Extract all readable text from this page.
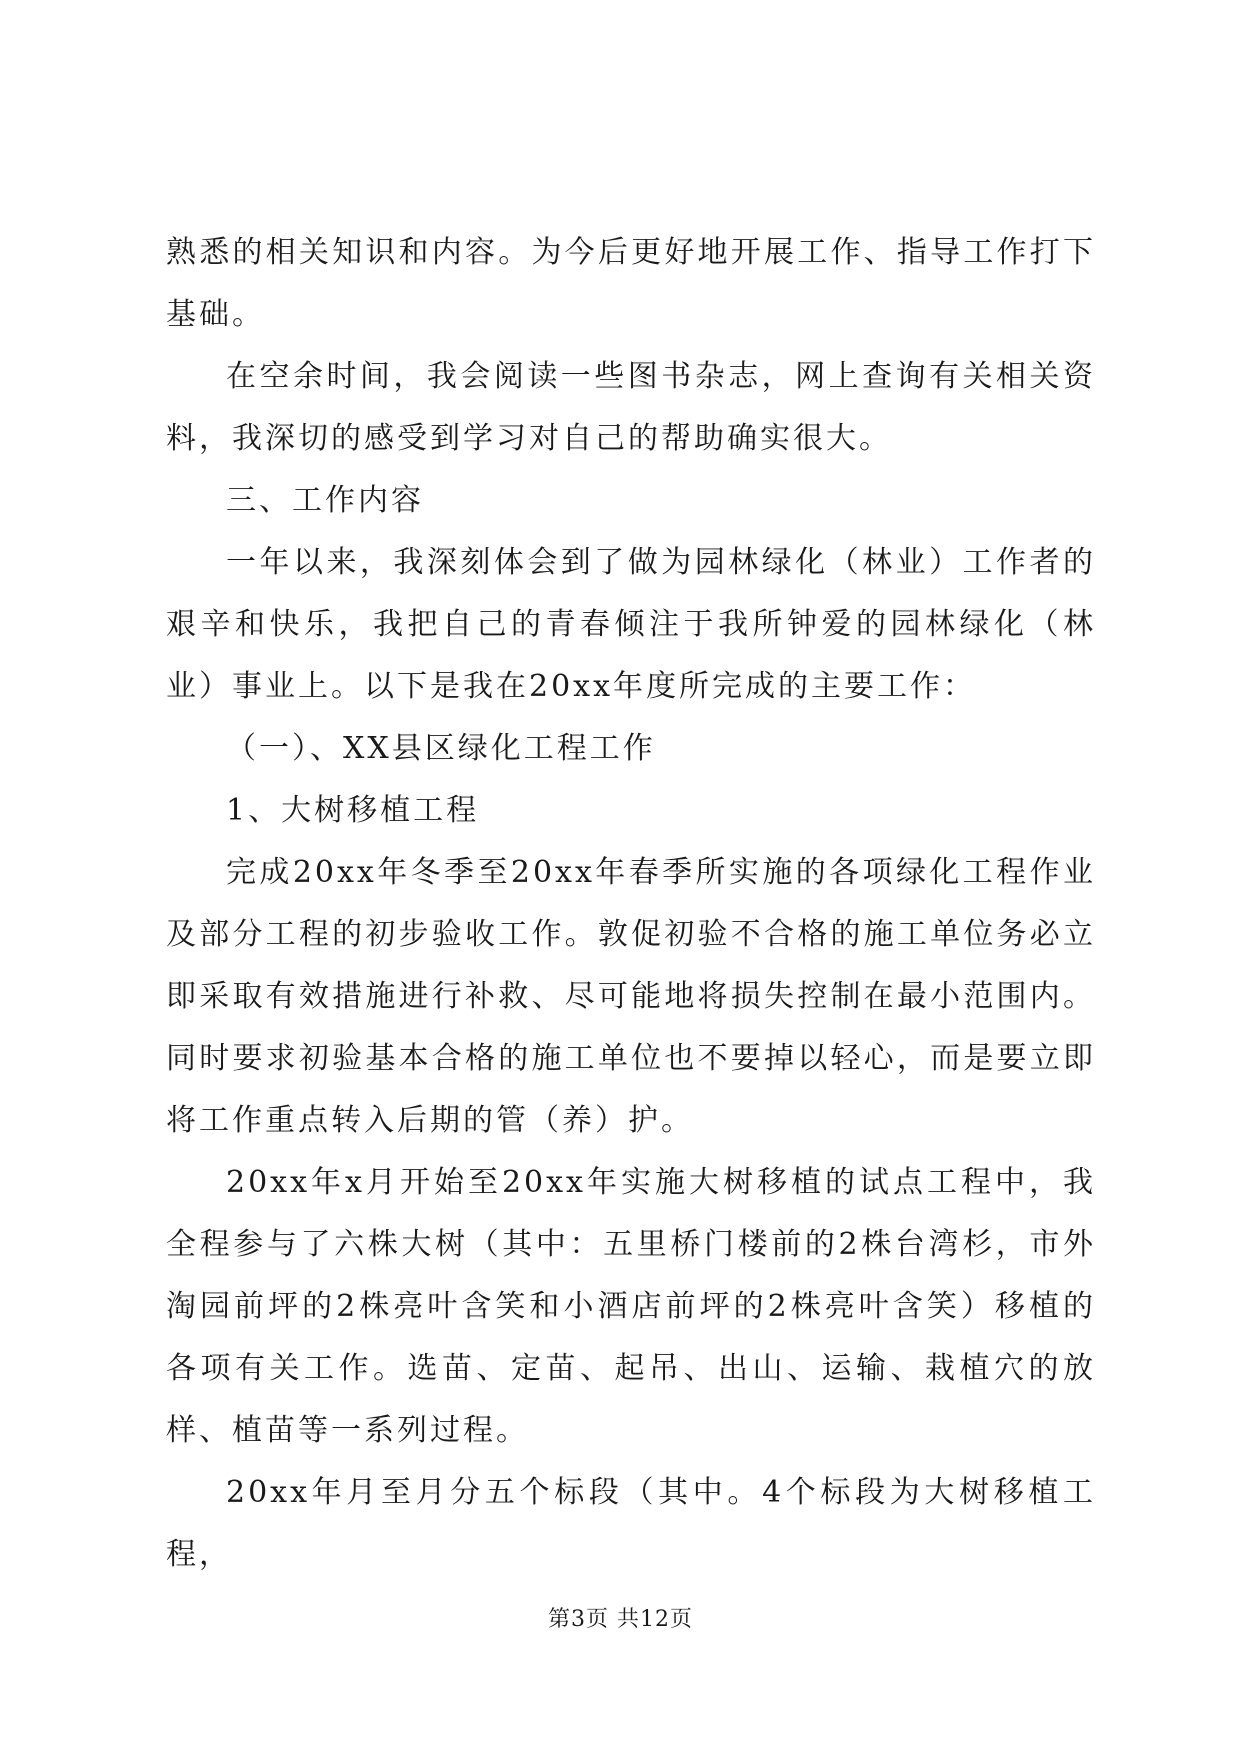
熟悉的相关知识和内容。为今后更好地开展工作、指导工作打下基础。

在空余时间，我会阅读一些图书杂志，网上查询有关相关资料，我深切的感受到学习对自己的帮助确实很大。

三、工作内容

一年以来，我深刻体会到了做为园林绿化（林业）工作者的艰辛和快乐，我把自己的青春倾注于我所钟爱的园林绿化（林业）事业上。以下是我在20xx年度所完成的主要工作：

（一）、XX县区绿化工程工作

1、大树移植工程

完成20xx年冬季至20xx年春季所实施的各项绿化工程作业及部分工程的初步验收工作。敦促初验不合格的施工单位务必立即采取有效措施进行补救、尽可能地将损失控制在最小范围内。同时要求初验基本合格的施工单位也不要掉以轻心，而是要立即将工作重点转入后期的管（养）护。

20xx年x月开始至20xx年实施大树移植的试点工程中，我全程参与了六株大树（其中：五里桥门楼前的2株台湾杉，市外淘园前坪的2株亮叶含笑和小酒店前坪的2株亮叶含笑）移植的各项有关工作。选苗、定苗、起吊、出山、运输、栽植穴的放样、植苗等一系列过程。

20xx年月至月分五个标段（其中。4个标段为大树移植工程，

第3页 共12页
